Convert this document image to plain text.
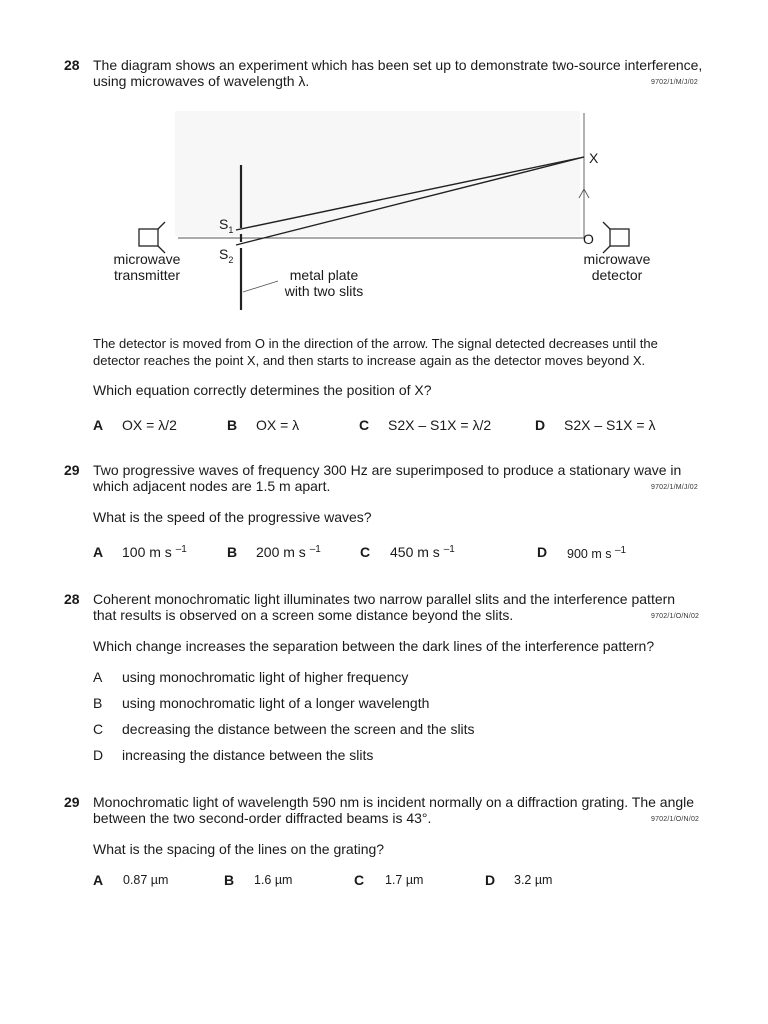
28 The diagram shows an experiment which has been set up to demonstrate two-source interference,
using microwaves of wavelength λ.	9702/1/M/J/02
$S_1$
$S_2$
X
O
microwave
transmitter	metal plate
with two slits
microwave
detector
The detector is moved from O in the direction of the arrow. The signal detected decreases until the
detector reaches the point X, and then starts to increase again as the detector moves beyond X.
Which equation correctly determines the position of X?
A OX = λ/2	B OX = λ	C S2X – S1X = λ/2	D S2X – S1X = λ
29 Two progressive waves of frequency 300 Hz are superimposed to produce a stationary wave in
which adjacent nodes are 1.5 m apart.	9702/1/M/J/02
What is the speed of the progressive waves?
A 100 m s $^{-1}$	B 200 m s $^{-1}$	C 450 m s $^{-1}$	D 900 m s $^{-1}$
28 Coherent monochromatic light illuminates two narrow parallel slits and the interference pattern
that results is observed on a screen some distance beyond the slits.	9702/1/O/N/02
Which change increases the separation between the dark lines of the interference pattern?
A using monochromatic light of higher frequency
B using monochromatic light of a longer wavelength
C decreasing the distance between the screen and the slits
D increasing the distance between the slits
29 Monochromatic light of wavelength 590 nm is incident normally on a diffraction grating. The angle
between the two second-order diffracted beams is 43°.	9702/1/O/N/02
What is the spacing of the lines on the grating?
A 0.87 µm	B 1.6 µm	C 1.7 µm	D 3.2 µm
